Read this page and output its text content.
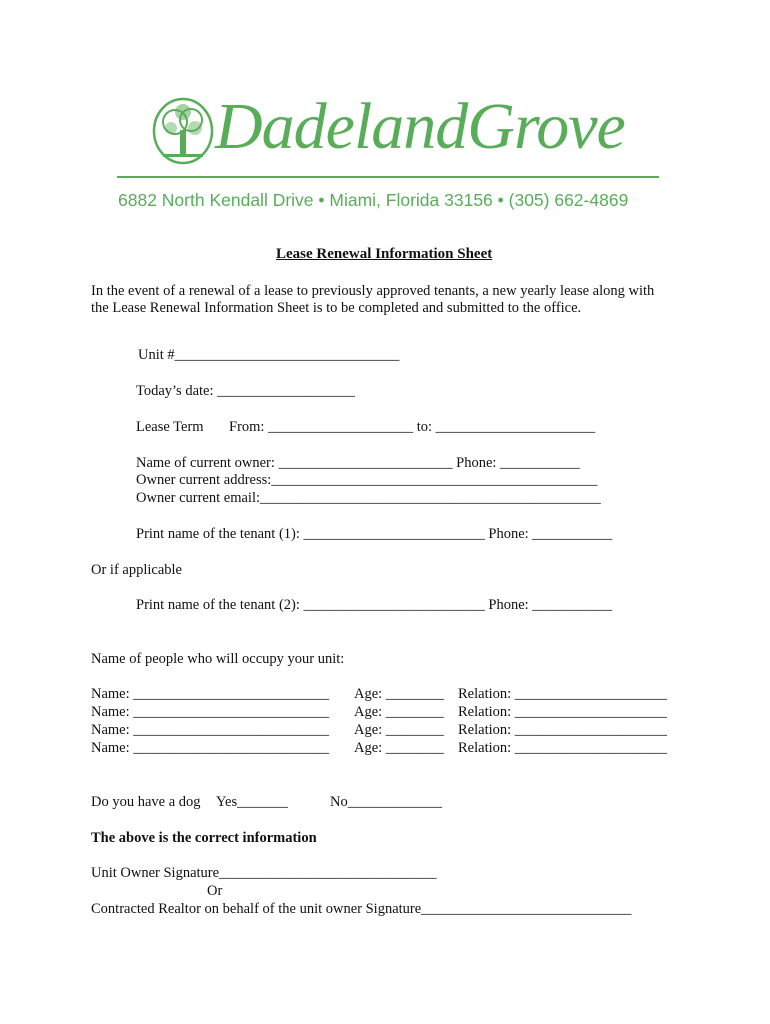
DadelandGrove
6882 North Kendall Drive • Miami, Florida 33156 • (305) 662-4869
Lease Renewal Information Sheet
In the event of a renewal of a lease to previously approved tenants, a new yearly lease along with
the Lease Renewal Information Sheet is to be completed and submitted to the office.
Unit #_______________________________
Today’s date: ___________________
Lease Term From: ____________________ to: ______________________
Name of current owner: ________________________ Phone: ___________
Owner current address:_____________________________________________
Owner current email:_______________________________________________
Print name of the tenant (1): _________________________ Phone: ___________
Or if applicable
Print name of the tenant (2): _________________________ Phone: ___________
Name of people who will occupy your unit:
Name: ___________________________ Age: ________ Relation: _____________________
Name: ___________________________ Age: ________ Relation: _____________________
Name: ___________________________ Age: ________ Relation: _____________________
Name: ___________________________ Age: ________ Relation: _____________________
Do you have a dog Yes_______	No_____________
The above is the correct information
Unit Owner Signature______________________________
Or
Contracted Realtor on behalf of the unit owner Signature_____________________________
